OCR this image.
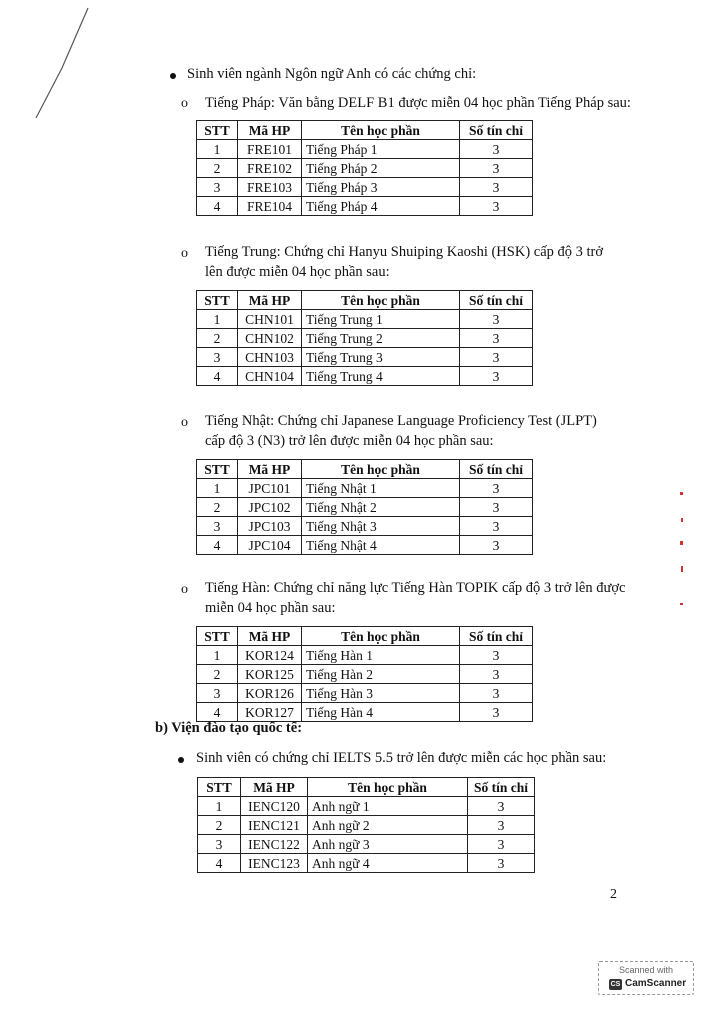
Sinh viên ngành Ngôn ngữ Anh có các chứng chỉ:
o Tiếng Pháp: Văn bằng DELF B1 được miễn 04 học phần Tiếng Pháp sau:
STT	Mã HP	Tên học phần	Số tín chỉ
1	FRE101	Tiếng Pháp 1	3
2	FRE102	Tiếng Pháp 2	3
3	FRE103	Tiếng Pháp 3	3
4	FRE104	Tiếng Pháp 4	3
o Tiếng Trung: Chứng chỉ Hanyu Shuiping Kaoshi (HSK) cấp độ 3 trở
lên được miễn 04 học phần sau:
STT	Mã HP	Tên học phần	Số tín chỉ
1	CHN101	Tiếng Trung 1	3
2	CHN102	Tiếng Trung 2	3
3	CHN103	Tiếng Trung 3	3
4	CHN104	Tiếng Trung 4	3
o Tiếng Nhật: Chứng chỉ Japanese Language Proficiency Test (JLPT)
cấp độ 3 (N3) trở lên được miễn 04 học phần sau:
STT	Mã HP	Tên học phần	Số tín chỉ
1	JPC101	Tiếng Nhật 1	3
2	JPC102	Tiếng Nhật 2	3
3	JPC103	Tiếng Nhật 3	3
4	JPC104	Tiếng Nhật 4	3
o Tiếng Hàn: Chứng chỉ năng lực Tiếng Hàn TOPIK cấp độ 3 trở lên được
miễn 04 học phần sau:
STT	Mã HP	Tên học phần	Số tín chỉ
1	KOR124	Tiếng Hàn 1	3
2	KOR125	Tiếng Hàn 2	3
3	KOR126	Tiếng Hàn 3	3
4	KOR127	Tiếng Hàn 4	3
b) Viện đào tạo quốc tế:
Sinh viên có chứng chỉ IELTS 5.5 trở lên được miễn các học phần sau:
STT	Mã HP	Tên học phần	Số tín chỉ
1	IENC120	Anh ngữ 1	3
2	IENC121	Anh ngữ 2	3
3	IENC122	Anh ngữ 3	3
4	IENC123	Anh ngữ 4	3
2
Scanned with
CS CamScanner
